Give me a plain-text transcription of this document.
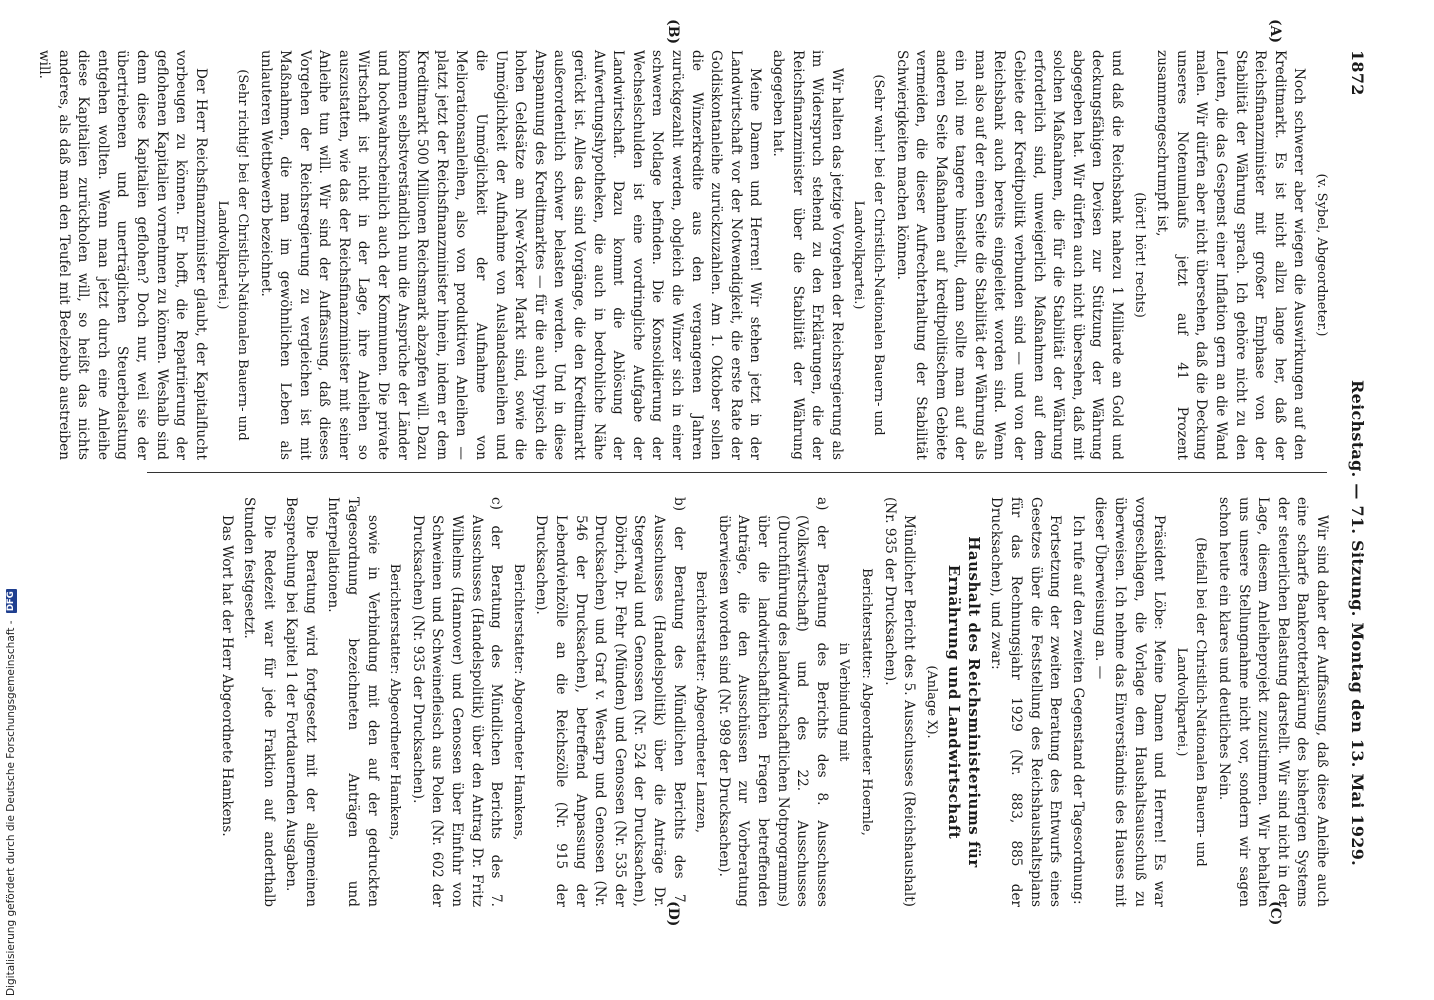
1872
Reichstag. — 71. Sitzung. Montag den 13. Mai 1929.
(A)
(B)
(C)
(D)

(v. Sybel, Abgeordneter.)

Noch schwerer aber wiegen die Auswirkungen auf den Kreditmarkt. Es ist nicht allzu lange her, daß der Reichsfinanzminister mit großer Emphase von der Stabilität der Währung sprach. Ich gehöre nicht zu den Leuten, die das Gespenst einer Inflation gern an die Wand malen. Wir dürfen aber nicht übersehen, daß die Deckung unseres Notenumlaufs jetzt auf 41 Prozent zusammengeschrumpft ist,

(hört! hört! rechts)

und daß die Reichsbank nahezu 1 Milliarde an Gold und deckungsfähigen Devisen zur Stützung der Währung abgegeben hat. Wir dürfen auch nicht übersehen, daß mit solchen Maßnahmen, die für die Stabilität der Währung erforderlich sind, unweigerlich Maßnahmen auf dem Gebiete der Kreditpolitik verbunden sind — und von der Reichsbank auch bereits eingeleitet worden sind. Wenn man also auf der einen Seite die Stabilität der Währung als ein noli me tangere hinstellt, dann sollte man auf der anderen Seite Maßnahmen auf kreditpolitischem Gebiete vermeiden, die dieser Aufrechterhaltung der Stabilität Schwierigkeiten machen können.

(Sehr wahr! bei der Christlich-Nationalen Bauern- und Landvolkpartei.)

Wir halten das jetzige Vorgehen der Reichsregierung als im Widerspruch stehend zu den Erklärungen, die der Reichsfinanzminister über die Stabilität der Währung abgegeben hat.

Meine Damen und Herren! Wir stehen jetzt in der Landwirtschaft vor der Notwendigkeit, die erste Rate der Goldiskontanleihe zurückzuzahlen. Am 1. Oktober sollen die Winzerkredite aus den vergangenen Jahren zurückgezahlt werden, obgleich die Winzer sich in einer schweren Notlage befinden. Die Konsolidierung der Wechselschulden ist eine vordringliche Aufgabe der Landwirtschaft. Dazu kommt die Ablösung der Aufwertungshypotheken, die auch in bedrohliche Nähe gerückt ist. Alles das sind Vorgänge, die den Kreditmarkt außerordentlich schwer belasten werden. Und in diese Anspannung des Kreditmarktes — für die auch typisch die hohen Geldsätze am New-Yorker Markt sind, sowie die Unmöglichkeit der Aufnahme von Auslandsanleihen und die Unmöglichkeit der Aufnahme von Meliorationsanleihen, also von produktiven Anleihen — platzt jetzt der Reichsfinanzminister hinein, indem er dem Kreditmarkt 500 Millionen Reichsmark abzapfen will. Dazu kommen selbstverständlich nun die Ansprüche der Länder und hochwahrscheinlich auch der Kommunen. Die private Wirtschaft ist nicht in der Lage, ihre Anleihen so auszustatten, wie das der Reichsfinanzminister mit seiner Anleihe tun will. Wir sind der Auffassung, daß dieses Vorgehen der Reichsregierung zu vergleichen ist mit Maßnahmen, die man im gewöhnlichen Leben als unlauteren Wettbewerb bezeichnet.

(Sehr richtig! bei der Christlich-Nationalen Bauern- und Landvolkpartei.)

Der Herr Reichsfinanzminister glaubt, der Kapitalflucht vorbeugen zu können. Er hofft, die Repatriierung der geflohenen Kapitalien vornehmen zu können. Weshalb sind denn diese Kapitalien geflohen? Doch nur, weil sie der übertriebenen und unerträglichen Steuerbelastung entgehen wollten. Wenn man jetzt durch eine Anleihe diese Kapitalien zurückholen will, so heißt das nichts anderes, als daß man den Teufel mit Beelzebub austreiben will.

Wir sind daher der Auffassung, daß diese Anleihe auch eine scharfe Bankerotterklärung des bisherigen Systems der steuerlichen Belastung darstellt. Wir sind nicht in der Lage, diesem Anleiheprojekt zuzustimmen. Wir behalten uns unsere Stellungnahme nicht vor, sondern wir sagen schon heute ein klares und deutliches Nein.

(Beifall bei der Christlich-Nationalen Bauern- und Landvolkpartei.)

Präsident Löbe: Meine Damen und Herren! Es war vorgeschlagen, die Vorlage dem Haushaltsausschuß zu überweisen. Ich nehme das Einverständnis des Hauses mit dieser Überweisung an. —

Ich rufe auf den zweiten Gegenstand der Tagesordnung:

Fortsetzung der zweiten Beratung des Entwurfs eines Gesetzes über die Feststellung des Reichshaushaltsplans für das Rechnungsjahr 1929 (Nr. 883, 885 der Drucksachen), und zwar:

Haushalt des Reichsministeriums für Ernährung und Landwirtschaft

(Anlage X).

Mündlicher Bericht des 5. Ausschusses (Reichshaushalt) (Nr. 935 der Drucksachen).

Berichterstatter: Abgeordneter Hoernle,

in Verbindung mit

a) der Beratung des Berichts des 8. Ausschusses (Volkswirtschaft) und des 22. Ausschusses (Durchführung des landwirtschaftlichen Notprogramms) über die landwirtschaftlichen Fragen betreffenden Anträge, die den Ausschüssen zur Vorberatung überwiesen worden sind (Nr. 989 der Drucksachen).

Berichterstatter: Abgeordneter Lanzen,

b) der Beratung des Mündlichen Berichts des 7. Ausschusses (Handelspolitik) über die Anträge Dr. Stegerwald und Genossen (Nr. 524 der Drucksachen), Döbrich, Dr. Fehr (Münden) und Genossen (Nr. 535 der Drucksachen) und Graf v. Westarp und Genossen (Nr. 546 der Drucksachen), betreffend Anpassung der Lebendviehzölle an die Reichszölle (Nr. 915 der Drucksachen).

Berichterstatter: Abgeordneter Hamkens,

c) der Beratung des Mündlichen Berichts des 7. Ausschusses (Handelspolitik) über den Antrag Dr. Fritz Wilhelms (Hannover) und Genossen über Einfuhr von Schweinen und Schweinefleisch aus Polen (Nr. 602 der Drucksachen) (Nr. 935 der Drucksachen).

Berichterstatter: Abgeordneter Hamkens,

sowie in Verbindung mit den auf der gedruckten Tagesordnung bezeichneten Anträgen und Interpellationen.

Die Beratung wird fortgesetzt mit der allgemeinen Besprechung bei Kapitel 1 der Fortdauernden Ausgaben.

Die Redezeit war für jede Fraktion auf anderthalb Stunden festgesetzt.

Das Wort hat der Herr Abgeordnete Hamkens.

Digitalisierung gefördert durch die Deutsche Forschungsgemeinschaft - DFG
